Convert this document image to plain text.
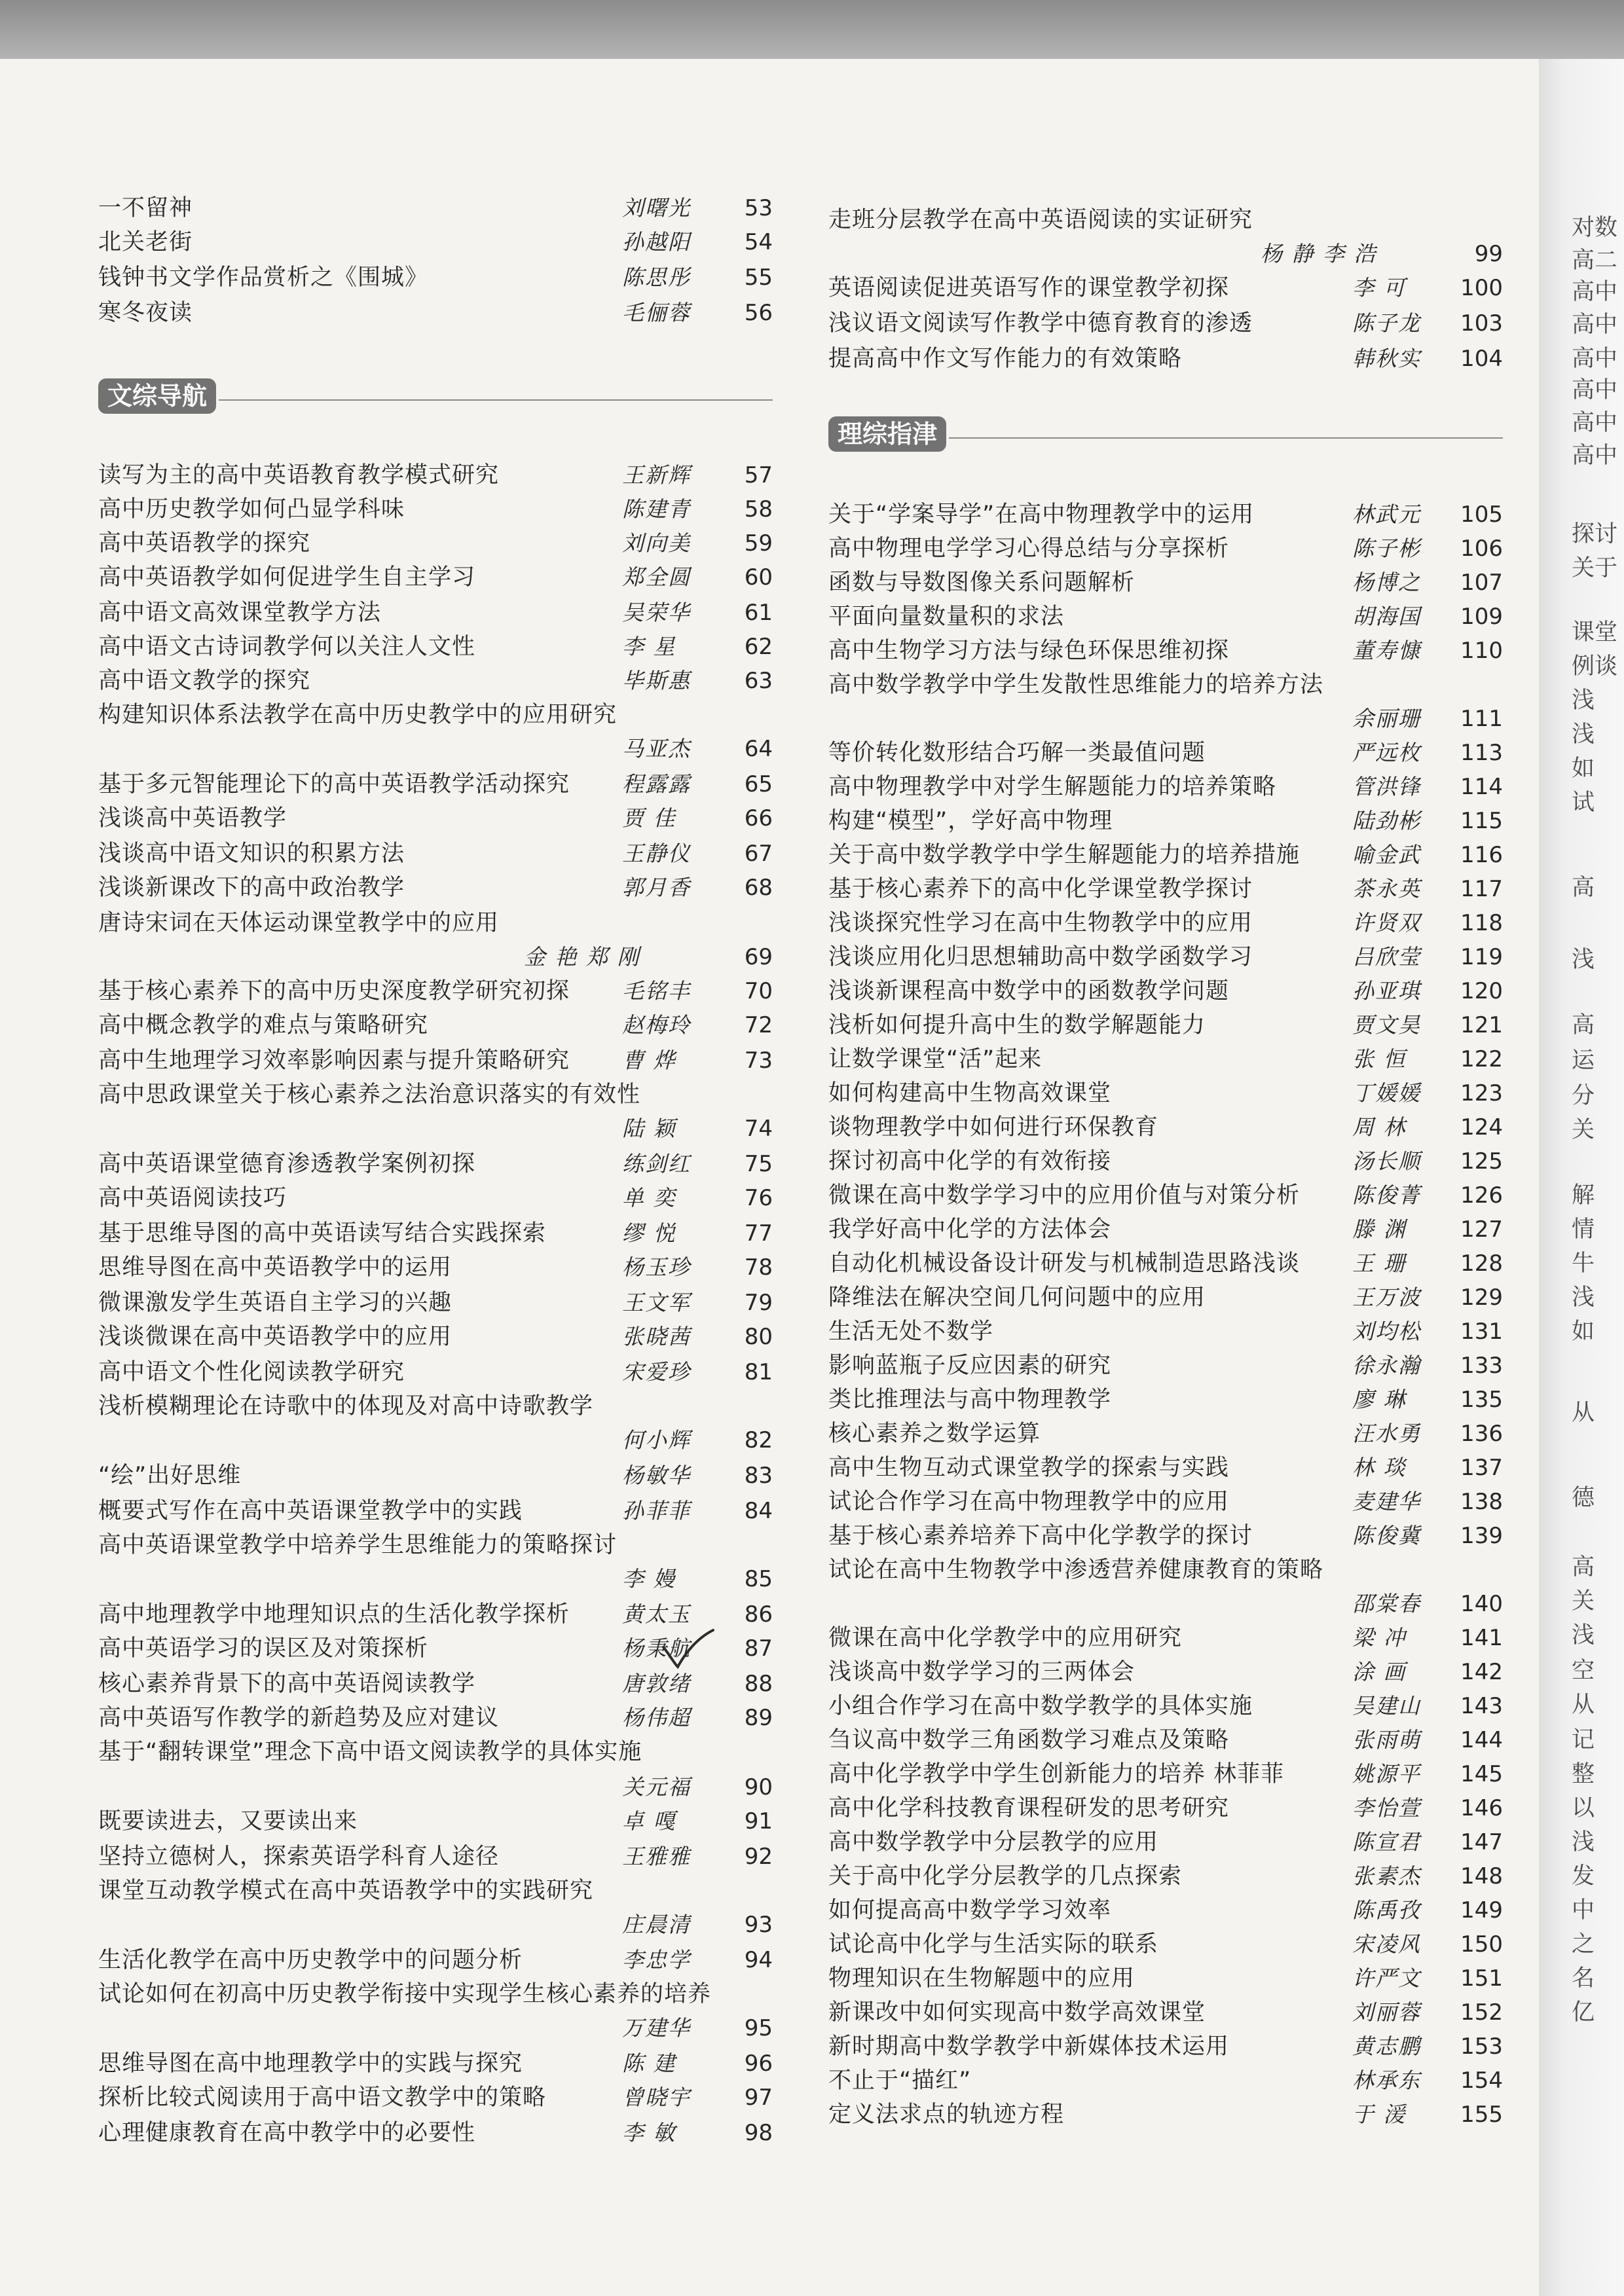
一不留神	刘曙光	53
北关老街	孙越阳	54
钱钟书文学作品赏析之《围城》	陈思彤	55
寒冬夜读	毛俪蓉	56
文综导航
读写为主的高中英语教育教学模式研究	王新辉	57
高中历史教学如何凸显学科味	陈建青	58
高中英语教学的探究	刘向美	59
高中英语教学如何促进学生自主学习	郑全圆	60
高中语文高效课堂教学方法	吴荣华	61
高中语文古诗词教学何以关注人文性	李 星	62
高中语文教学的探究	毕斯惠	63
构建知识体系法教学在高中历史教学中的应用研究
马亚杰	64
基于多元智能理论下的高中英语教学活动探究 程露露	65
浅谈高中英语教学	贾 佳	66
浅谈高中语文知识的积累方法	王静仪	67
浅谈新课改下的高中政治教学	郭月香	68
唐诗宋词在天体运动课堂教学中的应用
金 艳 郑 刚	69
基于核心素养下的高中历史深度教学研究初探 毛铭丰	70
高中概念教学的难点与策略研究	赵梅玲	72
高中生地理学习效率影响因素与提升策略研究 曹 烨	73
高中思政课堂关于核心素养之法治意识落实的有效性
陆 颖	74
高中英语课堂德育渗透教学案例初探	练剑红	75
高中英语阅读技巧	单 奕	76
基于思维导图的高中英语读写结合实践探索	缪 悦	77
思维导图在高中英语教学中的运用	杨玉珍	78
微课激发学生英语自主学习的兴趣	王文军	79
浅谈微课在高中英语教学中的应用	张晓茜	80
高中语文个性化阅读教学研究	宋爱珍	81
浅析模糊理论在诗歌中的体现及对高中诗歌教学
何小辉	82
“绘”出好思维	杨敏华	83
概要式写作在高中英语课堂教学中的实践	孙菲菲	84
高中英语课堂教学中培养学生思维能力的策略探讨
李 嫚	85
高中地理教学中地理知识点的生活化教学探析 黄太玉	86
高中英语学习的误区及对策探析	杨秉航	87
核心素养背景下的高中英语阅读教学	唐敦绪	88
高中英语写作教学的新趋势及应对建议	杨伟超	89
基于“翻转课堂”理念下高中语文阅读教学的具体实施
关元福	90
既要读进去，又要读出来	卓 嘎	91
坚持立德树人，探索英语学科育人途径	王雅雅	92
课堂互动教学模式在高中英语教学中的实践研究
庄晨清	93
生活化教学在高中历史教学中的问题分析	李忠学	94
试论如何在初高中历史教学衔接中实现学生核心素养的培养
万建华	95
思维导图在高中地理教学中的实践与探究	陈 建	96
探析比较式阅读用于高中语文教学中的策略	曾晓宇	97
心理健康教育在高中教学中的必要性	李 敏	98
走班分层教学在高中英语阅读的实证研究
杨 静 李 浩	99
英语阅读促进英语写作的课堂教学初探	李 可	100
浅议语文阅读写作教学中德育教育的渗透	陈子龙	103
提高高中作文写作能力的有效策略	韩秋实	104
理综指津
关于“学案导学”在高中物理教学中的运用	林武元	105
高中物理电学学习心得总结与分享探析	陈子彬	106
函数与导数图像关系问题解析	杨博之	107
平面向量数量积的求法	胡海国	109
高中生物学习方法与绿色环保思维初探	董寿慷	110
高中数学教学中学生发散性思维能力的培养方法
余丽珊	111
等价转化数形结合巧解一类最值问题	严远枚	113
高中物理教学中对学生解题能力的培养策略	管洪锋	114
构建“模型”，学好高中物理	陆劲彬	115
关于高中数学教学中学生解题能力的培养措施 喻金武	116
基于核心素养下的高中化学课堂教学探讨	茶永英	117
浅谈探究性学习在高中生物教学中的应用	许贤双	118
浅谈应用化归思想辅助高中数学函数学习	吕欣莹	119
浅谈新课程高中数学中的函数教学问题	孙亚琪	120
浅析如何提升高中生的数学解题能力	贾文昊	121
让数学课堂“活”起来	张 恒	122
如何构建高中生物高效课堂	丁媛媛	123
谈物理教学中如何进行环保教育	周 林	124
探讨初高中化学的有效衔接	汤长顺	125
微课在高中数学学习中的应用价值与对策分析 陈俊菁	126
我学好高中化学的方法体会	滕 渊	127
自动化机械设备设计研发与机械制造思路浅谈 王 珊	128
降维法在解决空间几何问题中的应用	王万波	129
生活无处不数学	刘均松	131
影响蓝瓶子反应因素的研究	徐永瀚	133
类比推理法与高中物理教学	廖 琳	135
核心素养之数学运算	汪水勇	136
高中生物互动式课堂教学的探索与实践	林 琰	137
试论合作学习在高中物理教学中的应用	麦建华	138
基于核心素养培养下高中化学教学的探讨	陈俊冀	139
试论在高中生物教学中渗透营养健康教育的策略
邵棠春	140
微课在高中化学教学中的应用研究	梁 冲	141
浅谈高中数学学习的三两体会	涂 画	142
小组合作学习在高中数学教学的具体实施	吴建山	143
刍议高中数学三角函数学习难点及策略	张雨萌	144
高中化学教学中学生创新能力的培养 林菲菲	姚源平	145
高中化学科技教育课程研发的思考研究	李怡萱	146
高中数学教学中分层教学的应用	陈宣君	147
关于高中化学分层教学的几点探索	张素杰	148
如何提高高中数学学习效率	陈禹孜	149
试论高中化学与生活实际的联系	宋凌风	150
物理知识在生物解题中的应用	许严文	151
新课改中如何实现高中数学高效课堂	刘丽蓉	152
新时期高中数学教学中新媒体技术运用	黄志鹏	153
不止于“描红”	林承东	154
定义法求点的轨迹方程	于 湲	155
对数
高二
高中
高中
高中
高中
高中
高中
探讨
关于
课堂
例谈
浅
浅
如
试
高
浅
高
运
分
关
解
情
牛
浅
如
从
德
高
关
浅
空
从
记
整
以
浅
发
中
之
名
亿
